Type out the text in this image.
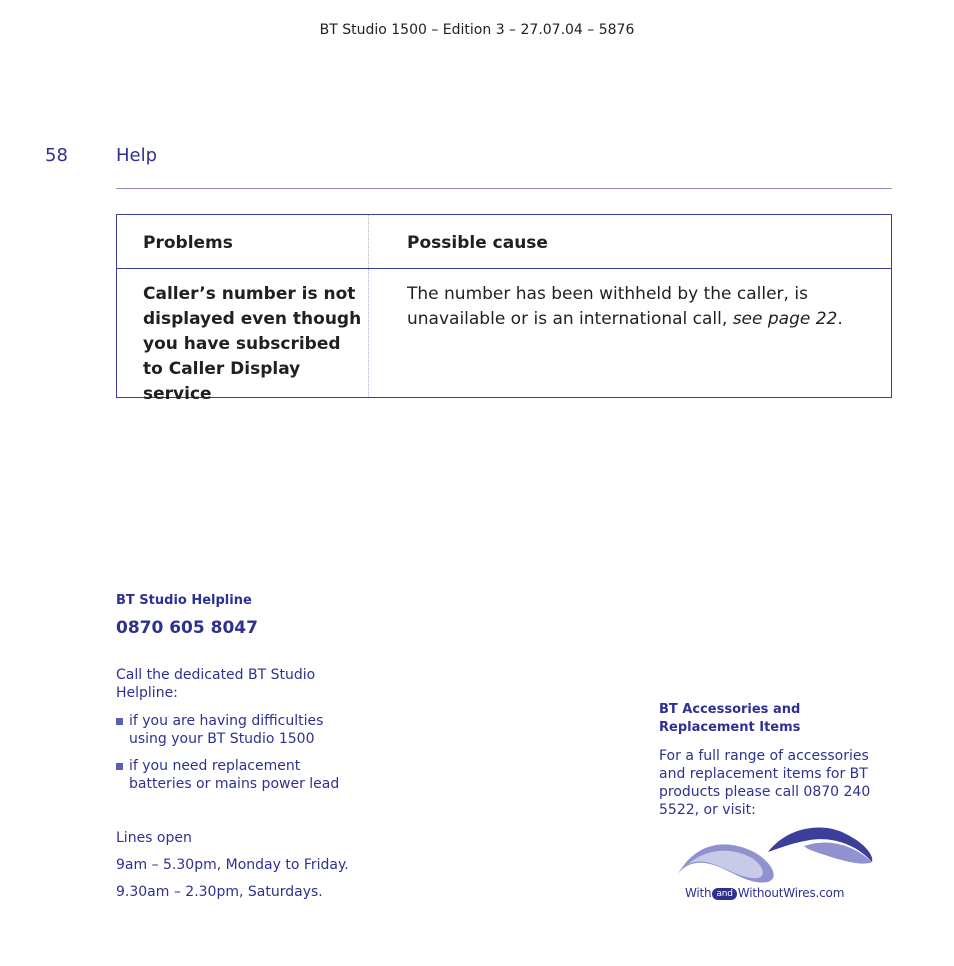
BT Studio 1500 – Edition 3 – 27.07.04 – 5876
58	Help
Problems	Possible cause
Caller’s number is not displayed even though you have subscribed to Caller Display service
The number has been withheld by the caller, is unavailable or is an international call, see page 22.
BT Studio Helpline
0870 605 8047
Call the dedicated BT Studio Helpline:
if you are having difficulties using your BT Studio 1500
if you need replacement batteries or mains power lead
Lines open
9am – 5.30pm, Monday to Friday.
9.30am – 2.30pm, Saturdays.
BT Accessories and Replacement Items
For a full range of accessories and replacement items for BT products please call 0870 240 5522, or visit:
With and WithoutWires.com
